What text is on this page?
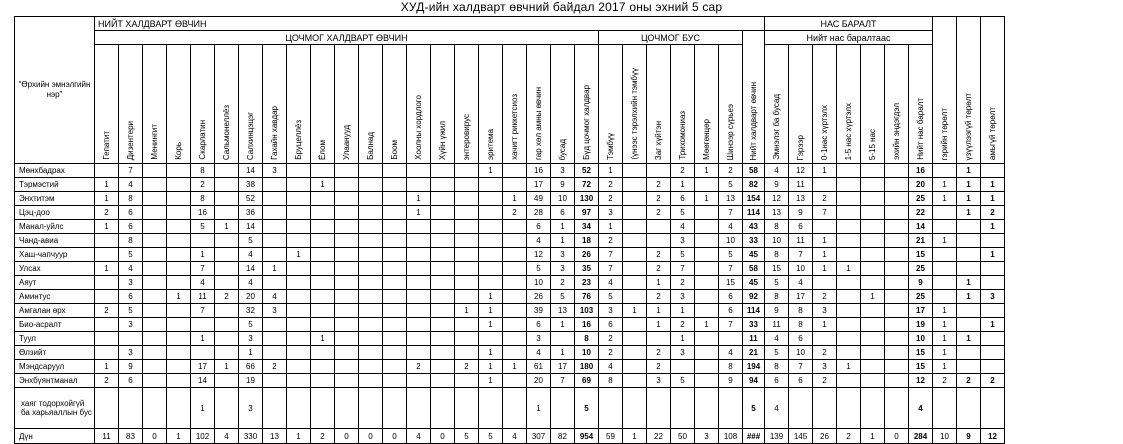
ХУД-ийн халдварт өвчний байдал 2017 оны эхний 5 сар
"Өрхийн эмнэлгийн нэр"	НИЙТ ХАЛДВАРТ ӨВЧИН																												НАС БАРАЛТ							гэрийн төрөлт	үзүүлээгүй төрөлт	амьгүй төрөлт

	ЦОЧМОГ ХАЛДВАРТ ӨВЧИН																					ЦОЧМОГ БУС						Нийт халдварт өвчин	Нийт нас баралтаас									

	Гепатит	Дизентери	Менингит	Корь	Скарлатин	Сальмонеллёз	Салхинцэцэг	Гахайн хавдар	Бруцеллёз	Ёлом	Улаанууд	Балнад	Боом	Хоолны хордлого	Хүйн үжил	энтеровирус	эритема	хачигт риккетсиоз	гар хөл амны өвчин	бусад	Бүд цочмог халдвар	Тэмбүү	(үнээс тэрэлхийн тэмбүү	Заг хүйтэн	Трихомониаз	Мөөгөнцөр	Шинээр сүрьеэ		Эмнэлэг ба бусад	Гэрээр	0-1нас хүртэлх	1-5 нас хүртэлх	5-15 нас	эхийн эндэгдэл	Нийт нас баралт			

Мөнхбадрах		7			8		14	3									1		16	3	52	1			2	1	2	58	4	12	1				16		1	
Тэрмэстий	1	4			2		38			1									17	9	72	2		2	1		5	82	9	11					20	1	1	1
Энхтитэм	1	8			8		52							1				1	49	10	130	2		2	6	1	13	154	12	13	2				25	1	1	1
Цэц-доо	2	6			16		36							1				2	28	6	97	3		2	5		7	114	13	9	7				22		1	2
Манал-уйлс	1	6			5	1	14												6	1	34	1			4		4	43	8	6					14			1
Чанд-авиа		8					5												4	1	18	2			3		10	33	10	11	1				21	1		
Хаш-чапчуур		5			1		4		1										12	3	26	7		2	5		5	45	8	7	1				15			1
Улсах	1	4			7		14	1											5	3	35	7		2	7		7	58	15	10	1	1			25			
Аяут		3			4		4												10	2	23	4		1	2		15	45	5	4					9		1	
Аминтус		6		1	11	2	20	4									1		26	5	76	5		2	3		6	92	8	17	2		1		25		1	3
Амгалан өрх	2	5			7		32	3								1	1		39	13	103	3	1	1	1		6	114	9	8	3				17	1		
Био-асралт		3					5										1		6	1	16	6		1	2	1	7	33	11	8	1				19	1		1
Туул					1		3			1									3		8	2			1			11	4	6					10	1	1	
Өлзийт		3					1										1		4	1	10	2		2	3		4	21	5	10	2				15	1		
Мэндсаруул	1	9			17	1	66	2						2		2	1	1	61	17	180	4		2			8	194	8	7	3	1			15	1		
Энхбүянтманал	2	6			14		19										1		20	7	69	8		3	5		9	94	6	6	2				12	2	2	2
хаяг тодорхойгүй ба харьяаллын бус					1		3												1		5							5	4						4			
Дүн	11	83	0	1	102	4	330	13	1	2	0	0	0	4	0	5	5	4	307	82	954	59	1	22	50	3	108	###	139	145	26	2	1	0	284	10	9	12
